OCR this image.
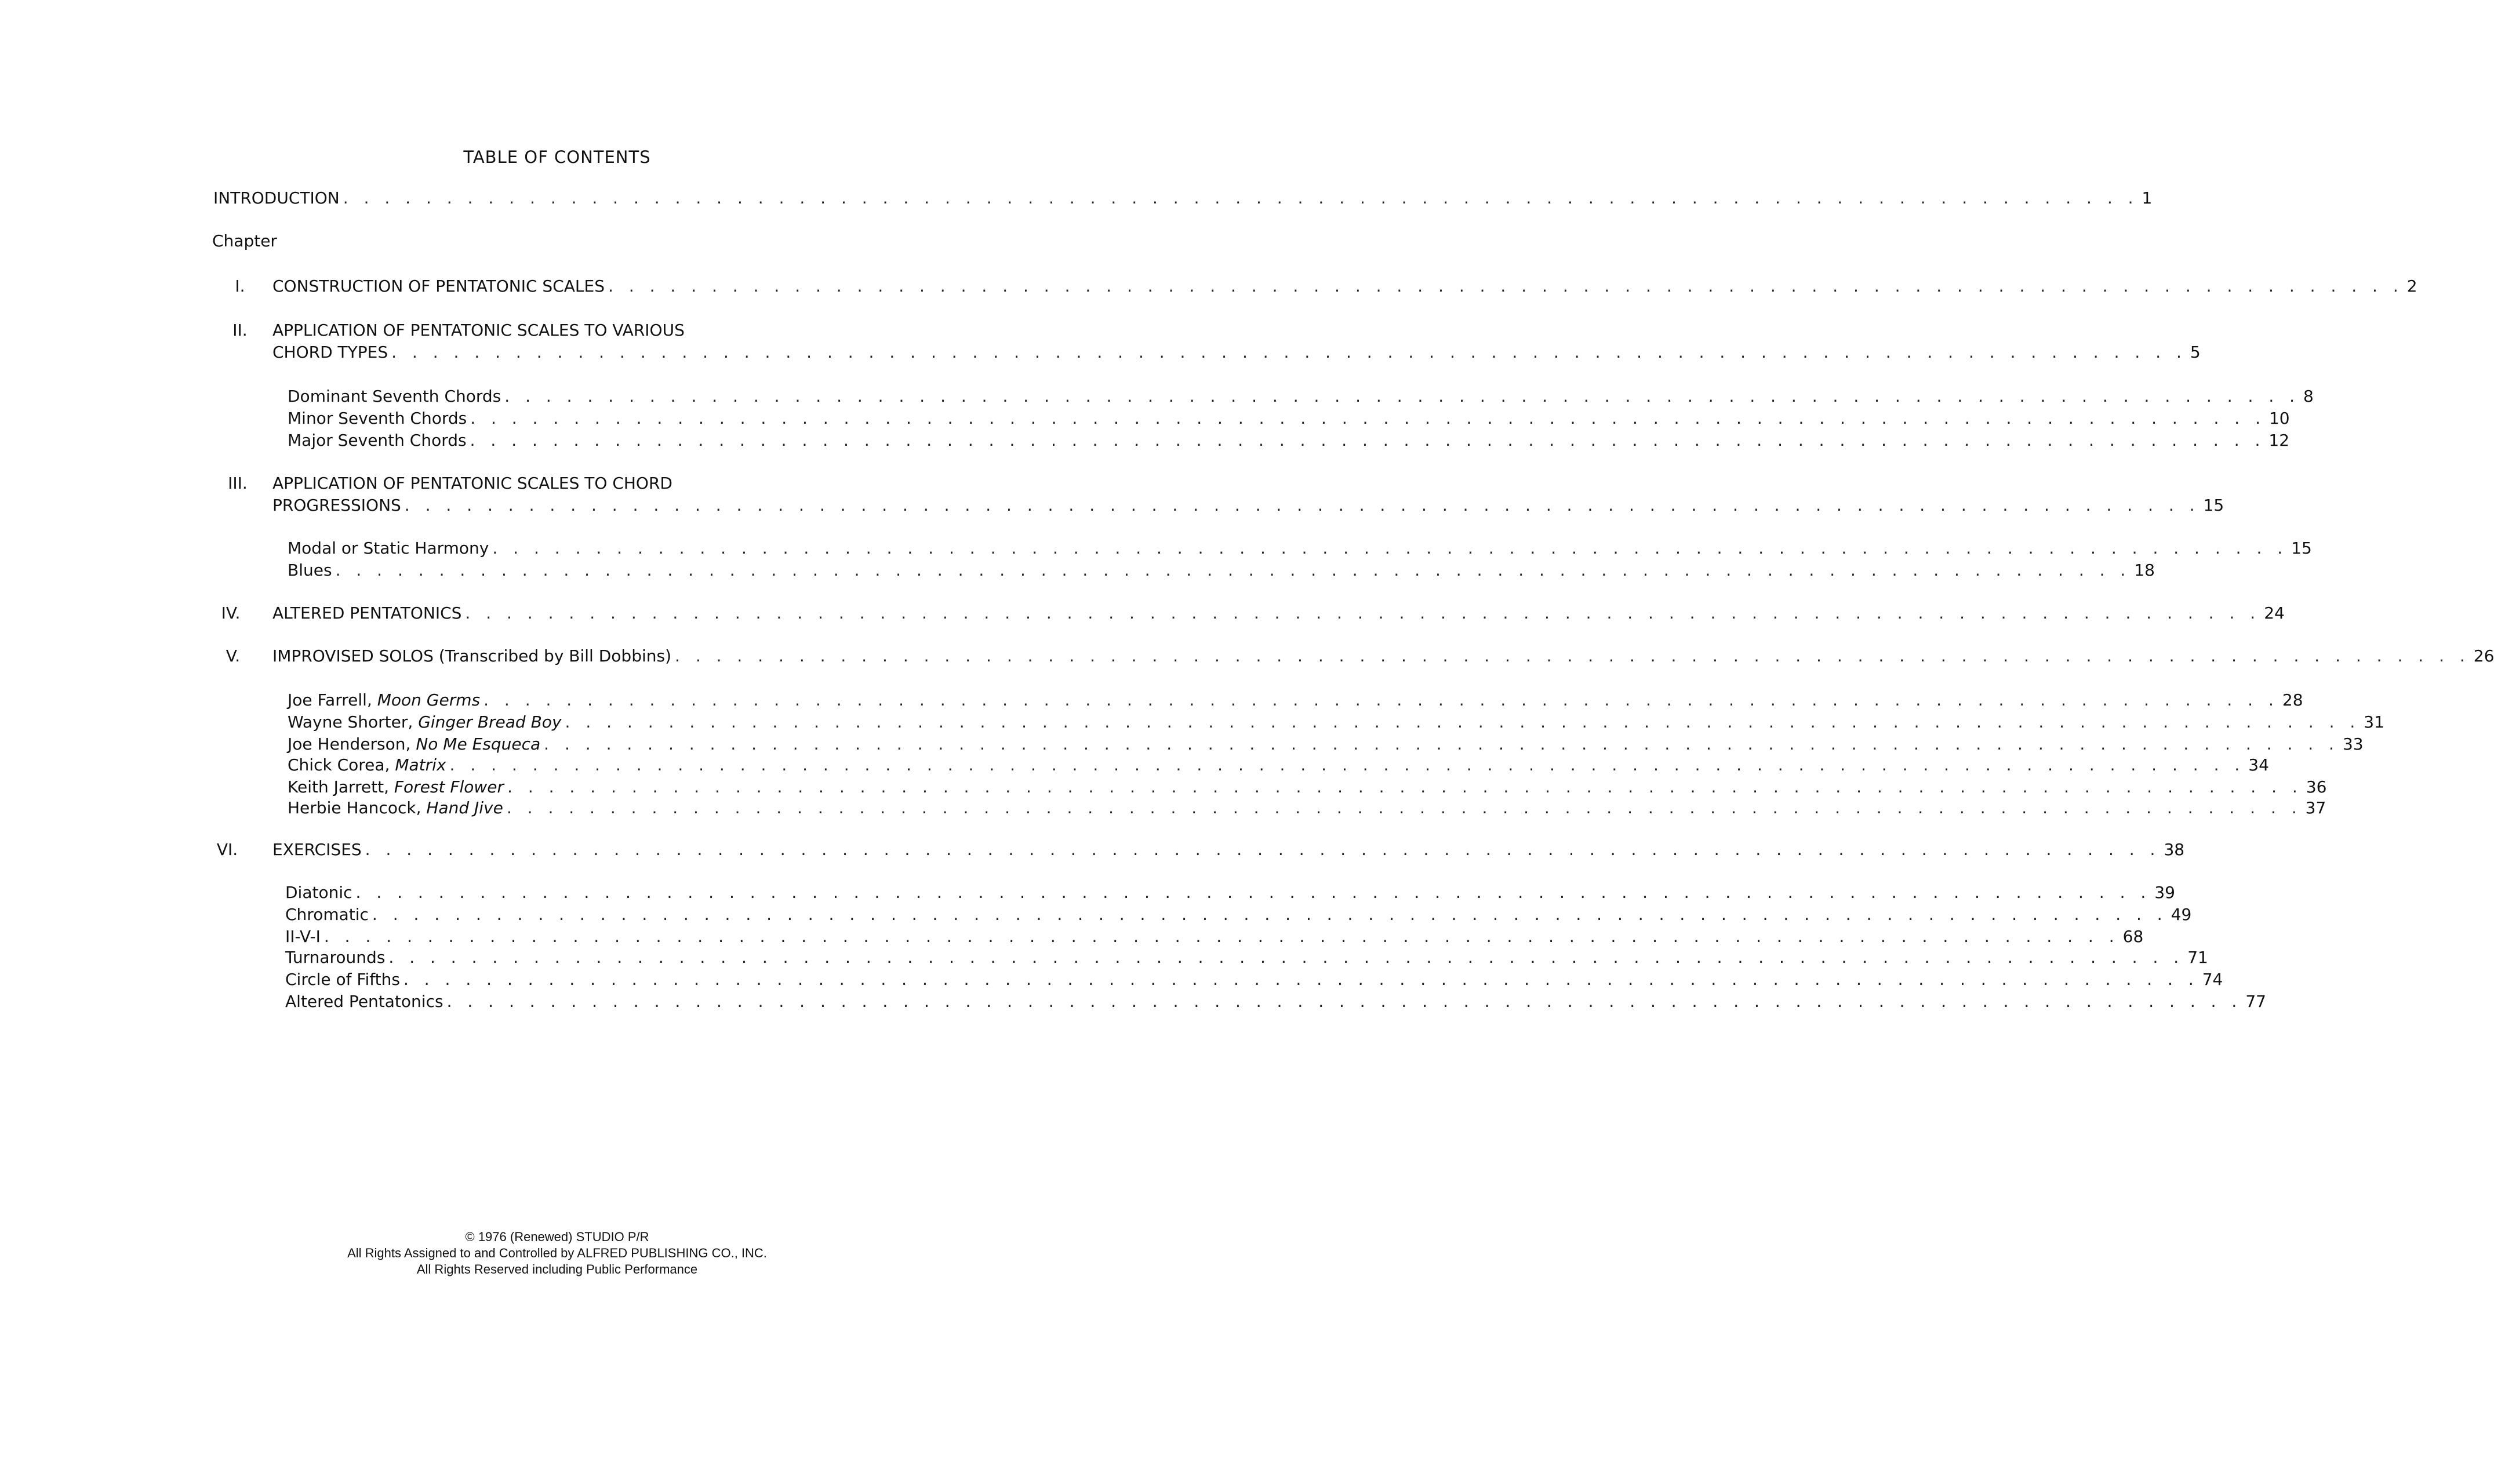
TABLE OF CONTENTS
INTRODUCTION . . . . . . . . . . . . . . . . . . . . . . . . . . . . . . . . . . . . . . . . . . . . . . . . . . . . . . . . . . . . . . . . . . . . . . . . . . . . . . . . . . . . . . . 1
Chapter
I.	CONSTRUCTION OF PENTATONIC SCALES . . . . . . . . . . . . . . . . . . . . . . . . . . . . . . . . . . . . . . . . . . . . . . . . . . . . . . . . . . . . . . . . . . . . . . . . . . . . . . . . . . . . . . . 2
II.	APPLICATION OF PENTATONIC SCALES TO VARIOUS
CHORD TYPES . . . . . . . . . . . . . . . . . . . . . . . . . . . . . . . . . . . . . . . . . . . . . . . . . . . . . . . . . . . . . . . . . . . . . . . . . . . . . . . . . . . . . . . 5
Dominant Seventh Chords . . . . . . . . . . . . . . . . . . . . . . . . . . . . . . . . . . . . . . . . . . . . . . . . . . . . . . . . . . . . . . . . . . . . . . . . . . . . . . . . . . . . . . . 8
Minor Seventh Chords . . . . . . . . . . . . . . . . . . . . . . . . . . . . . . . . . . . . . . . . . . . . . . . . . . . . . . . . . . . . . . . . . . . . . . . . . . . . . . . . . . . . . . . 10
Major Seventh Chords . . . . . . . . . . . . . . . . . . . . . . . . . . . . . . . . . . . . . . . . . . . . . . . . . . . . . . . . . . . . . . . . . . . . . . . . . . . . . . . . . . . . . . . 12
III.	APPLICATION OF PENTATONIC SCALES TO CHORD
PROGRESSIONS . . . . . . . . . . . . . . . . . . . . . . . . . . . . . . . . . . . . . . . . . . . . . . . . . . . . . . . . . . . . . . . . . . . . . . . . . . . . . . . . . . . . . . . 15
Modal or Static Harmony . . . . . . . . . . . . . . . . . . . . . . . . . . . . . . . . . . . . . . . . . . . . . . . . . . . . . . . . . . . . . . . . . . . . . . . . . . . . . . . . . . . . . . . 15
Blues . . . . . . . . . . . . . . . . . . . . . . . . . . . . . . . . . . . . . . . . . . . . . . . . . . . . . . . . . . . . . . . . . . . . . . . . . . . . . . . . . . . . . . . 18
IV.	ALTERED PENTATONICS . . . . . . . . . . . . . . . . . . . . . . . . . . . . . . . . . . . . . . . . . . . . . . . . . . . . . . . . . . . . . . . . . . . . . . . . . . . . . . . . . . . . . . . 24
V.	IMPROVISED SOLOS (Transcribed by Bill Dobbins) . . . . . . . . . . . . . . . . . . . . . . . . . . . . . . . . . . . . . . . . . . . . . . . . . . . . . . . . . . . . . . . . . . . . . . . . . . . . . . . . . . . . . . . 26
Joe Farrell, Moon Germs . . . . . . . . . . . . . . . . . . . . . . . . . . . . . . . . . . . . . . . . . . . . . . . . . . . . . . . . . . . . . . . . . . . . . . . . . . . . . . . . . . . . . . . 28
Wayne Shorter, Ginger Bread Boy . . . . . . . . . . . . . . . . . . . . . . . . . . . . . . . . . . . . . . . . . . . . . . . . . . . . . . . . . . . . . . . . . . . . . . . . . . . . . . . . . . . . . . . 31
Joe Henderson, No Me Esqueca . . . . . . . . . . . . . . . . . . . . . . . . . . . . . . . . . . . . . . . . . . . . . . . . . . . . . . . . . . . . . . . . . . . . . . . . . . . . . . . . . . . . . . . 33
Chick Corea, Matrix . . . . . . . . . . . . . . . . . . . . . . . . . . . . . . . . . . . . . . . . . . . . . . . . . . . . . . . . . . . . . . . . . . . . . . . . . . . . . . . . . . . . . . . 34
Keith Jarrett, Forest Flower . . . . . . . . . . . . . . . . . . . . . . . . . . . . . . . . . . . . . . . . . . . . . . . . . . . . . . . . . . . . . . . . . . . . . . . . . . . . . . . . . . . . . . . 36
Herbie Hancock, Hand Jive . . . . . . . . . . . . . . . . . . . . . . . . . . . . . . . . . . . . . . . . . . . . . . . . . . . . . . . . . . . . . . . . . . . . . . . . . . . . . . . . . . . . . . . 37
VI.	EXERCISES . . . . . . . . . . . . . . . . . . . . . . . . . . . . . . . . . . . . . . . . . . . . . . . . . . . . . . . . . . . . . . . . . . . . . . . . . . . . . . . . . . . . . . . 38
Diatonic . . . . . . . . . . . . . . . . . . . . . . . . . . . . . . . . . . . . . . . . . . . . . . . . . . . . . . . . . . . . . . . . . . . . . . . . . . . . . . . . . . . . . . . 39
Chromatic . . . . . . . . . . . . . . . . . . . . . . . . . . . . . . . . . . . . . . . . . . . . . . . . . . . . . . . . . . . . . . . . . . . . . . . . . . . . . . . . . . . . . . . 49
II-V-I . . . . . . . . . . . . . . . . . . . . . . . . . . . . . . . . . . . . . . . . . . . . . . . . . . . . . . . . . . . . . . . . . . . . . . . . . . . . . . . . . . . . . . . 68
Turnarounds . . . . . . . . . . . . . . . . . . . . . . . . . . . . . . . . . . . . . . . . . . . . . . . . . . . . . . . . . . . . . . . . . . . . . . . . . . . . . . . . . . . . . . . 71
Circle of Fifths . . . . . . . . . . . . . . . . . . . . . . . . . . . . . . . . . . . . . . . . . . . . . . . . . . . . . . . . . . . . . . . . . . . . . . . . . . . . . . . . . . . . . . . 74
Altered Pentatonics . . . . . . . . . . . . . . . . . . . . . . . . . . . . . . . . . . . . . . . . . . . . . . . . . . . . . . . . . . . . . . . . . . . . . . . . . . . . . . . . . . . . . . . 77
© 1976 (Renewed) STUDIO P/R
All Rights Assigned to and Controlled by ALFRED PUBLISHING CO., INC.
All Rights Reserved including Public Performance
